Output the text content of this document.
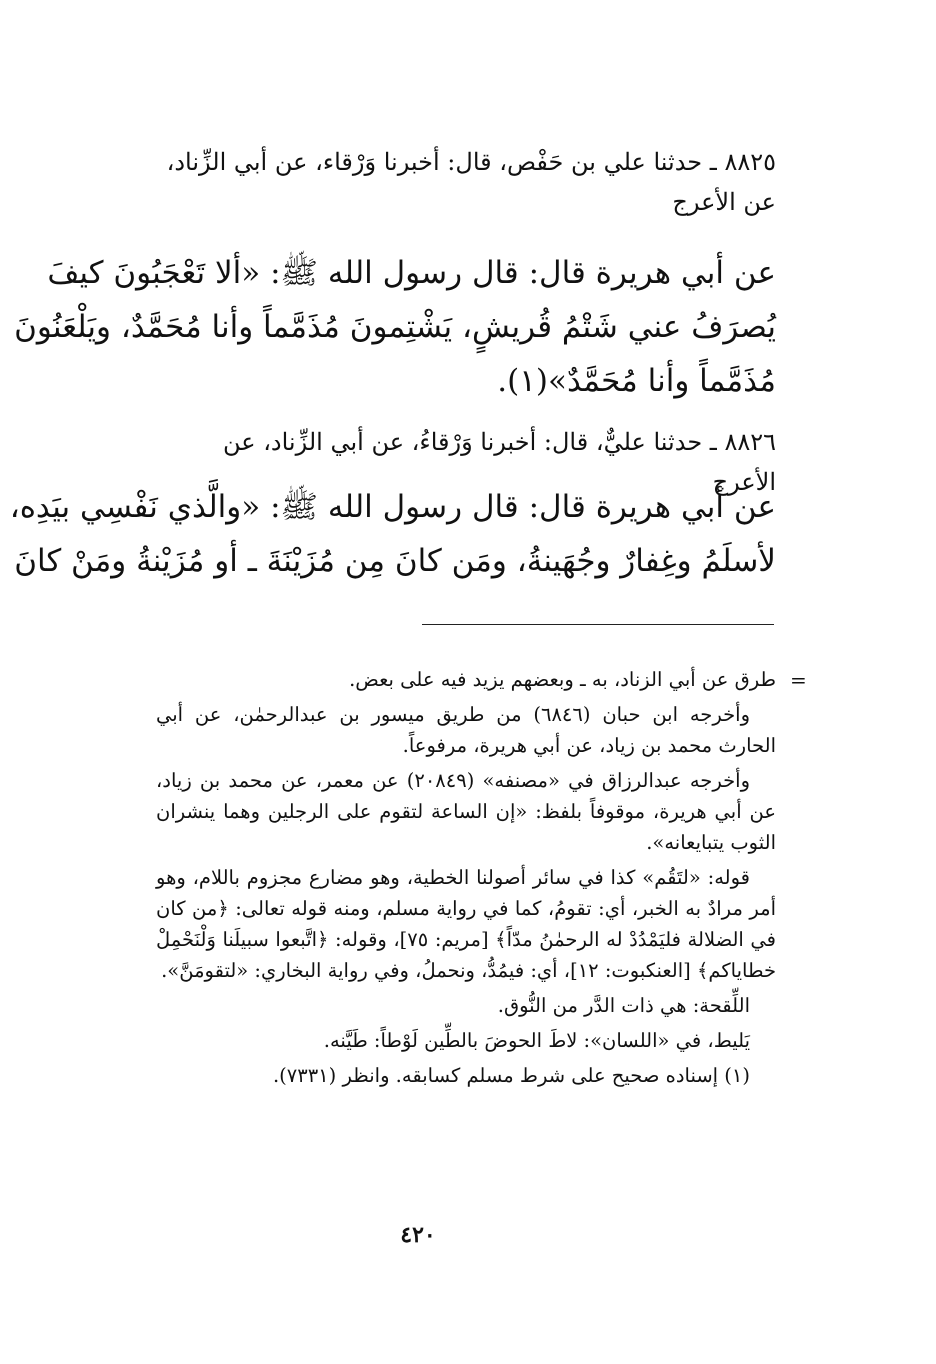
٨٨٢٥ ـ حدثنا علي بن حَفْص، قال: أخبرنا وَرْقاء، عن أبي الزِّناد،
عن الأعرج
عن أبي هريرة قال: قال رسول الله ﷺ: «ألا تَعْجَبُونَ كيفَ
يُصرَفُ عني شَتْمُ قُريشٍ، يَشْتِمونَ مُذَمَّماً وأنا مُحَمَّدٌ، ويَلْعَنُونَ
مُذَمَّماً وأنا مُحَمَّدٌ»(١).
٨٨٢٦ ـ حدثنا عليٌّ، قال: أخبرنا وَرْقاءُ، عن أبي الزِّناد، عن الأعرج
عن أبي هريرة قال: قال رسول الله ﷺ: «والَّذي نَفْسِي بيَدِه،
لأسلَمُ وغِفارٌ وجُهَينةُ، ومَن كانَ مِن مُزَيْنَةَ ـ أو مُزَيْنةُ ومَنْ كانَ
=

طرق عن أبي الزناد، به ـ وبعضهم يزيد فيه على بعض.

وأخرجه ابن حبان (٦٨٤٦) من طريق ميسور بن عبدالرحمٰن، عن أبي الحارث محمد بن زياد، عن أبي هريرة، مرفوعاً.

وأخرجه عبدالرزاق في «مصنفه» (٢٠٨٤٩) عن معمر، عن محمد بن زياد، عن أبي هريرة، موقوفاً بلفظ: «إن الساعة لتقوم على الرجلين وهما ينشران الثوب يتبايعانه».

قوله: «لتَقُم» كذا في سائر أصولنا الخطية، وهو مضارع مجزوم باللام، وهو أمر مرادٌ به الخبر، أي: تقومُ، كما في رواية مسلم، ومنه قوله تعالى: ﴿من كان في الضلالة فليَمْدُدْ له الرحمٰنُ مدّاً﴾ [مريم: ٧٥]، وقوله: ﴿اتَّبعوا سبيلَنا وَلْنَحْمِلْ خطاياكم﴾ [العنكبوت: ١٢]، أي: فيمُدُّ، ونحملُ، وفي رواية البخاري: «لتقومَنَّ».

اللِّقحة: هي ذات الدَّر من النُّوق.

يَليط، في «اللسان»: لاطَ الحوضَ بالطِّين لَوْطاً: طَيَّنه.

(١) إسناده صحيح على شرط مسلم كسابقه. وانظر (٧٣٣١).

٤٢٠
